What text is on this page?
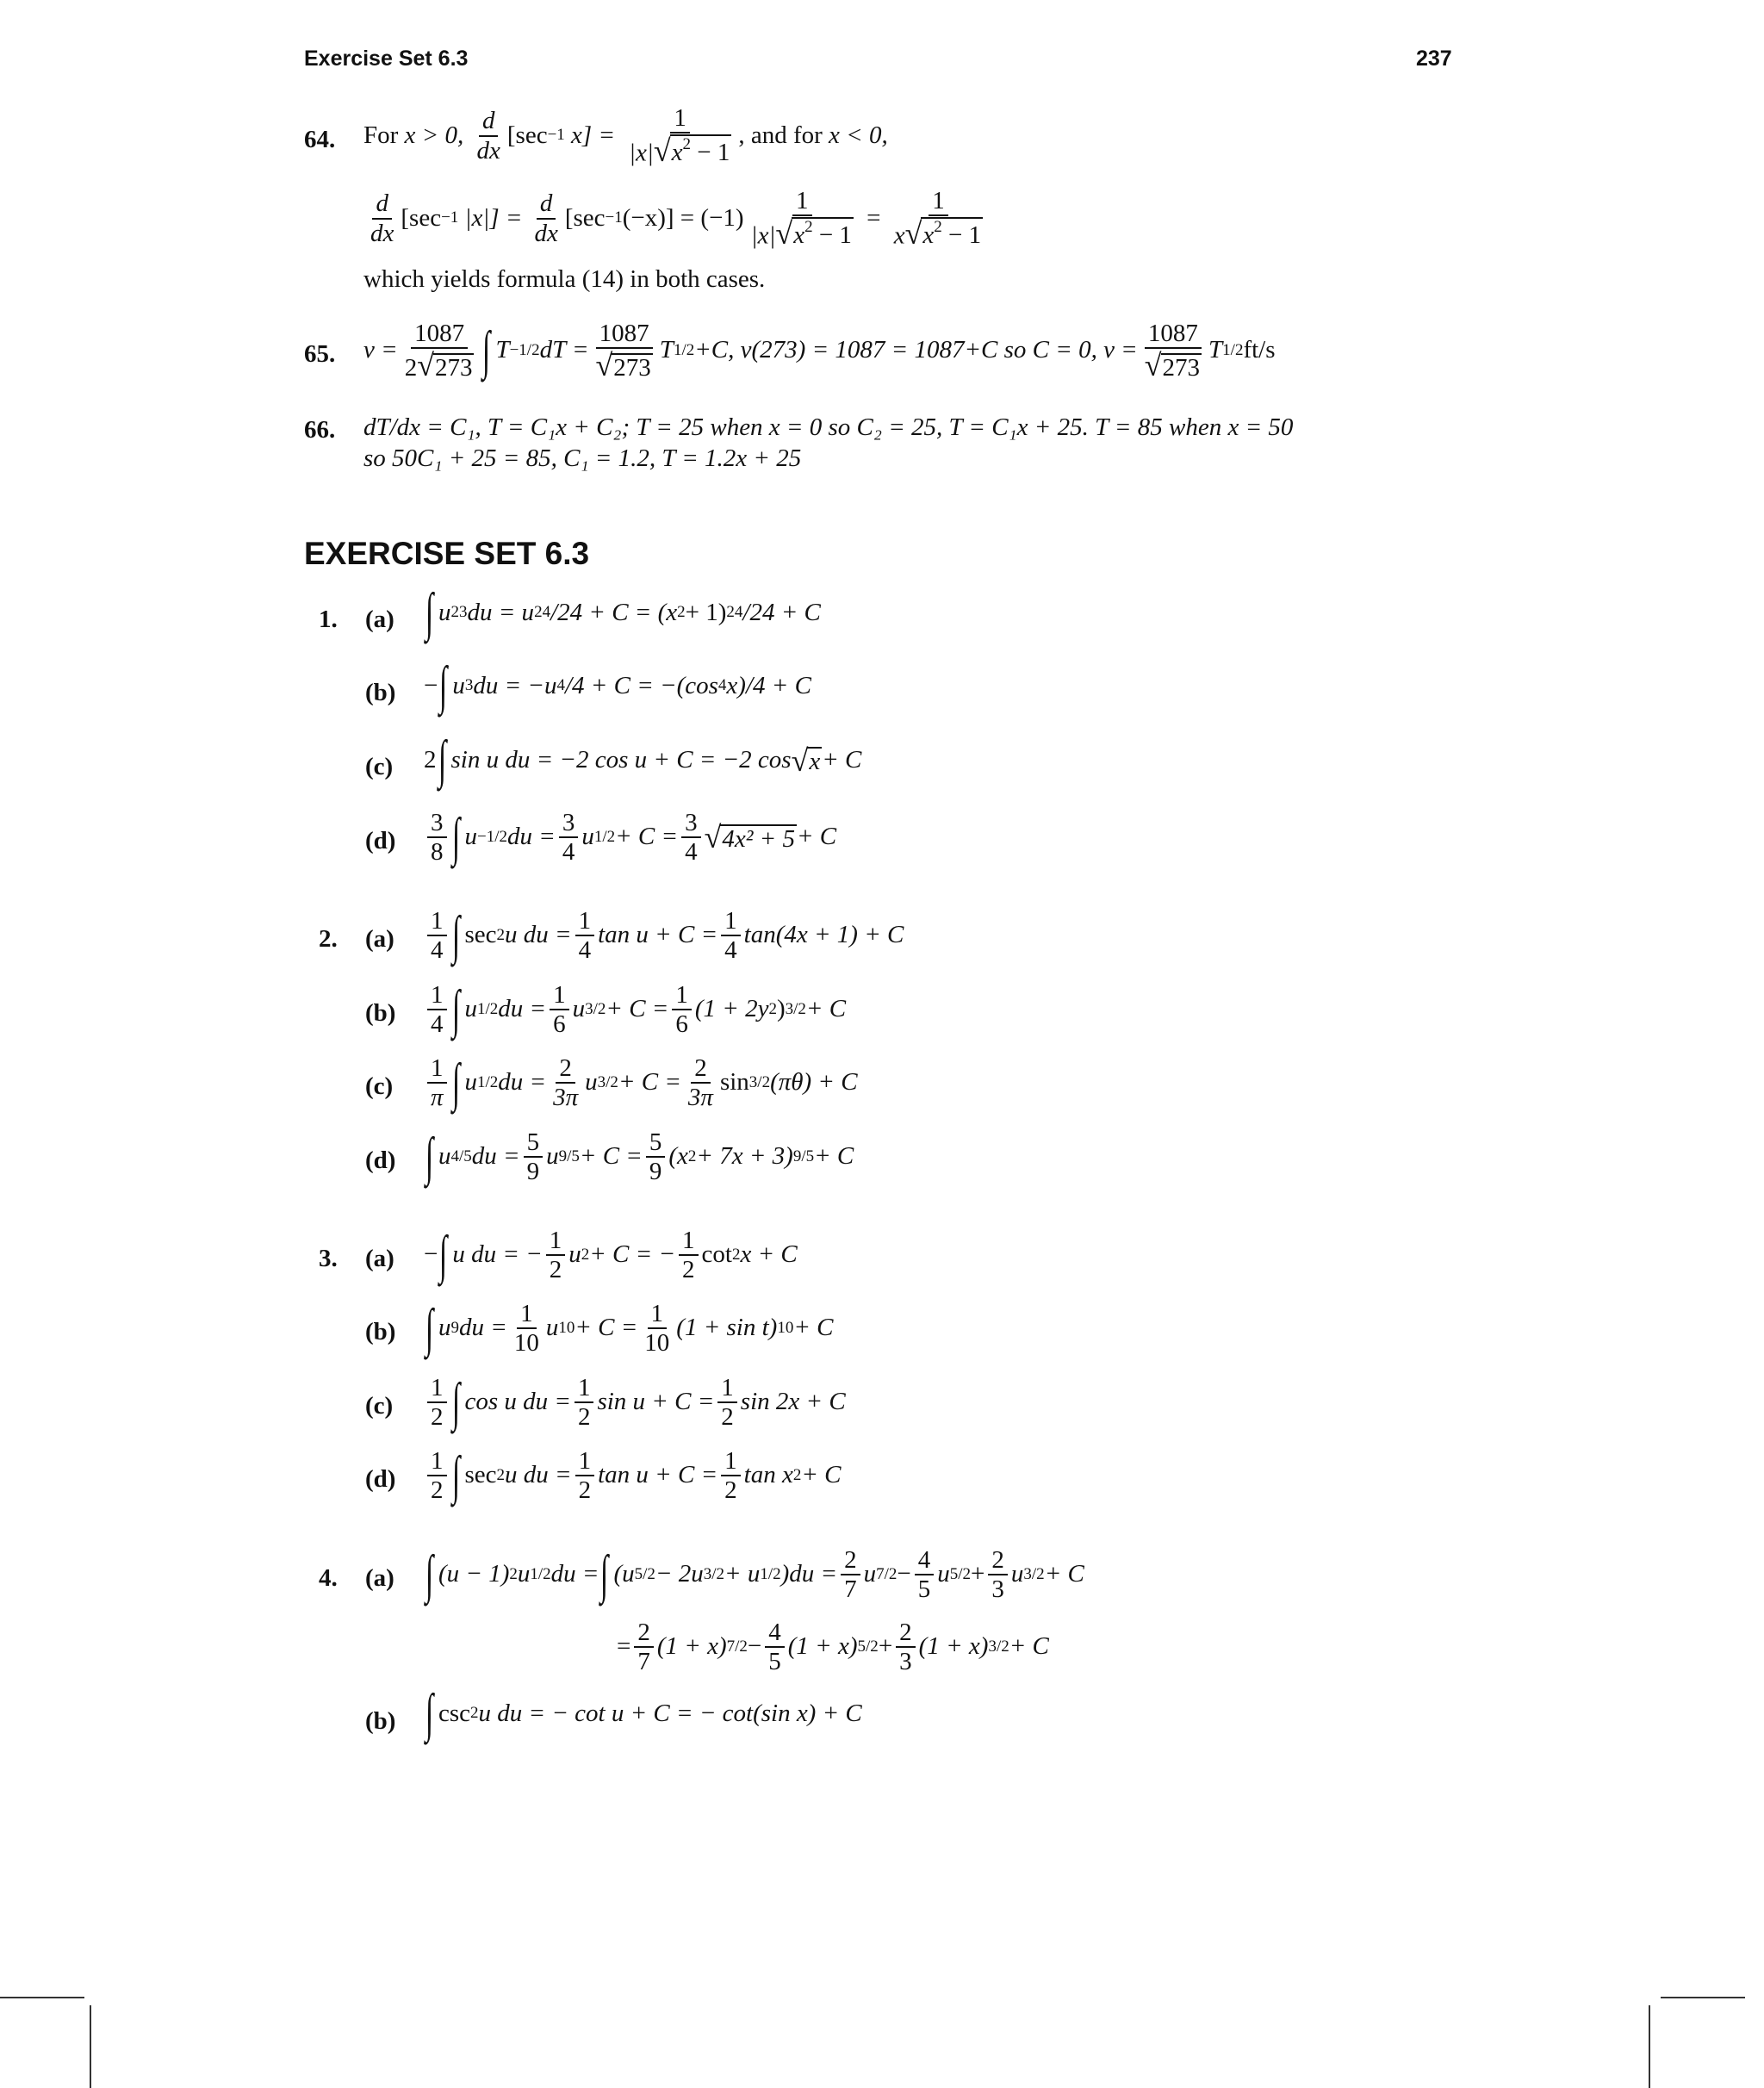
Exercise Set 6.3	237
64. For
x > 0,
$\frac{d}{dx} [\sec -1$
$x] = \frac{1}{|x| √ x^2 - 1}$ , and for
x < 0,
$\frac{d}{dx} [\sec -1$
$|x|] = \frac{d}{dx} [\sec -1$ $(-x)] = (-1) \frac{1}{|x| √ x^2 - 1}$
=
$\frac{1}{x √ x^2 - 1}$
which yields formula (14) in both cases.
65. $v = \frac{1087}{2 √ 273}$ ∫ T −1/2 dT = $\frac{1087}{√ 273}$ T 1/2 +C, v(273) = 1087 = 1087+C so C = 0, $v = \frac{1087}{√ 273}$ T 1/2 ft/s
66. dT/dx = C₁, T = C₁x + C₂; T = 25 when x = 0 so C₂ = 25, T = C₁x + 25. T = 85 when x = 50
so 50C₁ + 25 = 85, C₁ = 1.2, T = 1.2x + 25
EXERCISE SET 6.3
1. (a) ∫ u 23 du = u 24 /24 + C = (x 2 + 1) 24 /24 + C
(b) − ∫ u 3 du = −u 4 /4 + C = −(cos 4 x)/4 + C
(c) 2 ∫ sin u du = −2 cos u + C = −2 cos √ x + C
$(d) \frac{3}{8}$ ∫ u −1/2 du = $\frac{3}{4}$ u $1/2 + C = \frac{3}{4}$ √ 4x² + 5 + C
2. $(a) \frac{1}{4}$ ∫ sec 2 u du = $\frac{1}{4}$ $\tan u + C = \frac{1}{4} \tan(4x + 1) + C$
$(b) \frac{1}{4}$ ∫ u 1/2 du = $\frac{1}{6}$ u $3/2 + C = \frac{1}{6} (1 + 2y$ 2 ) 3/2 + C
$(c) \frac{1}{\pi}$ ∫ u 1/2 du = $\frac{2}{3\pi}$ u $3/2 + C = \frac{2}{3\pi}$ sin 3/2 (πθ) + C
(d) ∫ u 4/5 du = $\frac{5}{9}$ u $9/5 + C = \frac{5}{9} (x$ 2 + 7x + 3) 9/5 + C
3. (a) − ∫ u du = − $\frac{1}{2}$ u 2 + C = − $\frac{1}{2}$ cot 2 x + C
(b) ∫ u 9 du = $\frac{1}{10}$ u $10 + C = \frac{1}{10} (1 + \sin t) 10 + C$
$(c) \frac{1}{2}$ ∫ cos u du = $\frac{1}{2}$ $\sin u + C = \frac{1}{2}$ sin 2x + C
$(d) \frac{1}{2}$ ∫ sec 2 u du = $\frac{1}{2}$ $\tan u + C = \frac{1}{2}$ tan x 2 + C
4. (a) ∫ (u − 1) 2 u 1/2 du = ∫ (u 5/2 − 2u 3/2 + u 1/2 )$du = \frac{2}{7}$ u $7/2 - \frac{4}{5}$ u $5/2 + \frac{2}{3}$ u 3/2 + C
= $\frac{2}{7} (1 + x) 7/2 - \frac{4}{5} (1 + x) 5/2 + \frac{2}{3} (1 + x) 3/2 + C$
(b) ∫ csc 2 u du = − cot u + C = − cot(sin x) + C
